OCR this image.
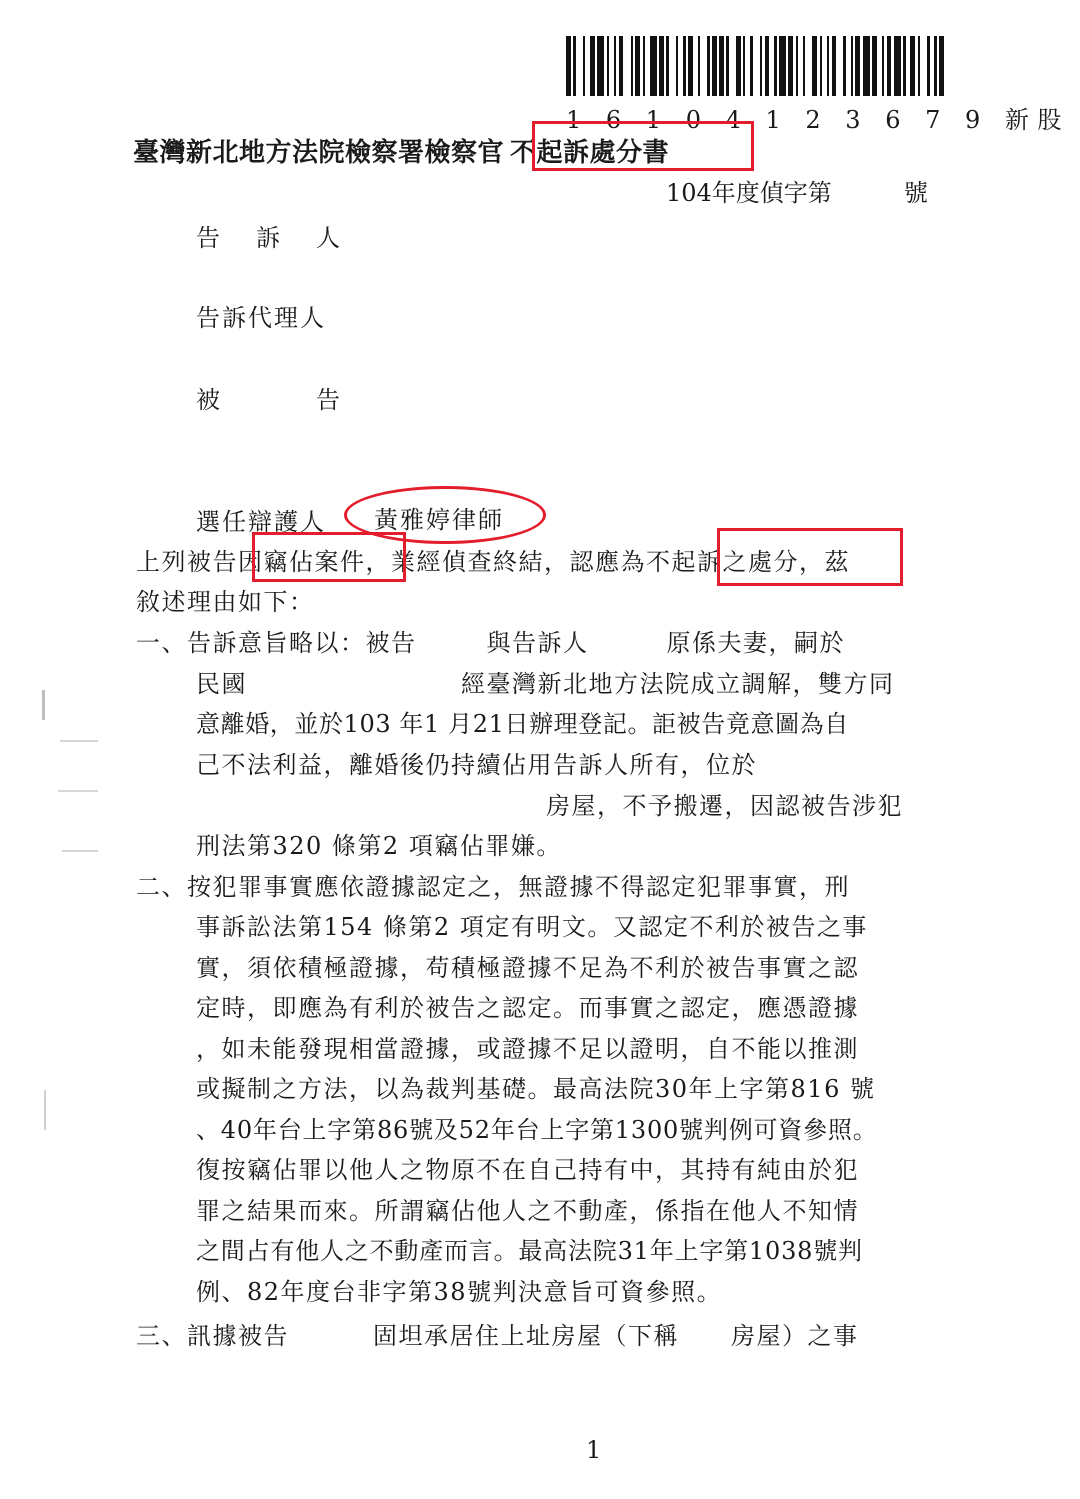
1 6 1 0 4 1 2 3 6 7 9 新股
臺灣新北地方法院檢察署檢察官 不起訴處分書
104年度偵字第	號
告　訴　人
告訴代理人
被　　　告
選任辯護人 黃雅婷律師
上列被告因竊佔案件，業經偵查終結，認應為不起訴之處分，茲
敘述理由如下：
一、告訴意旨略以：被告	與告訴人	原係夫妻，嗣於
民國	經臺灣新北地方法院成立調解，雙方同
意離婚，並於103 年1 月21日辦理登記。詎被告竟意圖為自
己不法利益，離婚後仍持續佔用告訴人所有，位於
房屋，不予搬遷，因認被告涉犯
刑法第320 條第2 項竊佔罪嫌。
二、按犯罪事實應依證據認定之，無證據不得認定犯罪事實，刑
事訴訟法第154 條第2 項定有明文。又認定不利於被告之事
實，須依積極證據，苟積極證據不足為不利於被告事實之認
定時，即應為有利於被告之認定。而事實之認定，應憑證據
，如未能發現相當證據，或證據不足以證明，自不能以推測
或擬制之方法，以為裁判基礎。最高法院30年上字第816 號
、40年台上字第86號及52年台上字第1300號判例可資參照。
復按竊佔罪以他人之物原不在自己持有中，其持有純由於犯
罪之結果而來。所謂竊佔他人之不動產，係指在他人不知情
之間占有他人之不動產而言。最高法院31年上字第1038號判
例、82年度台非字第38號判決意旨可資參照。
三、訊據被告	固坦承居住上址房屋（下稱 房屋）之事
1
